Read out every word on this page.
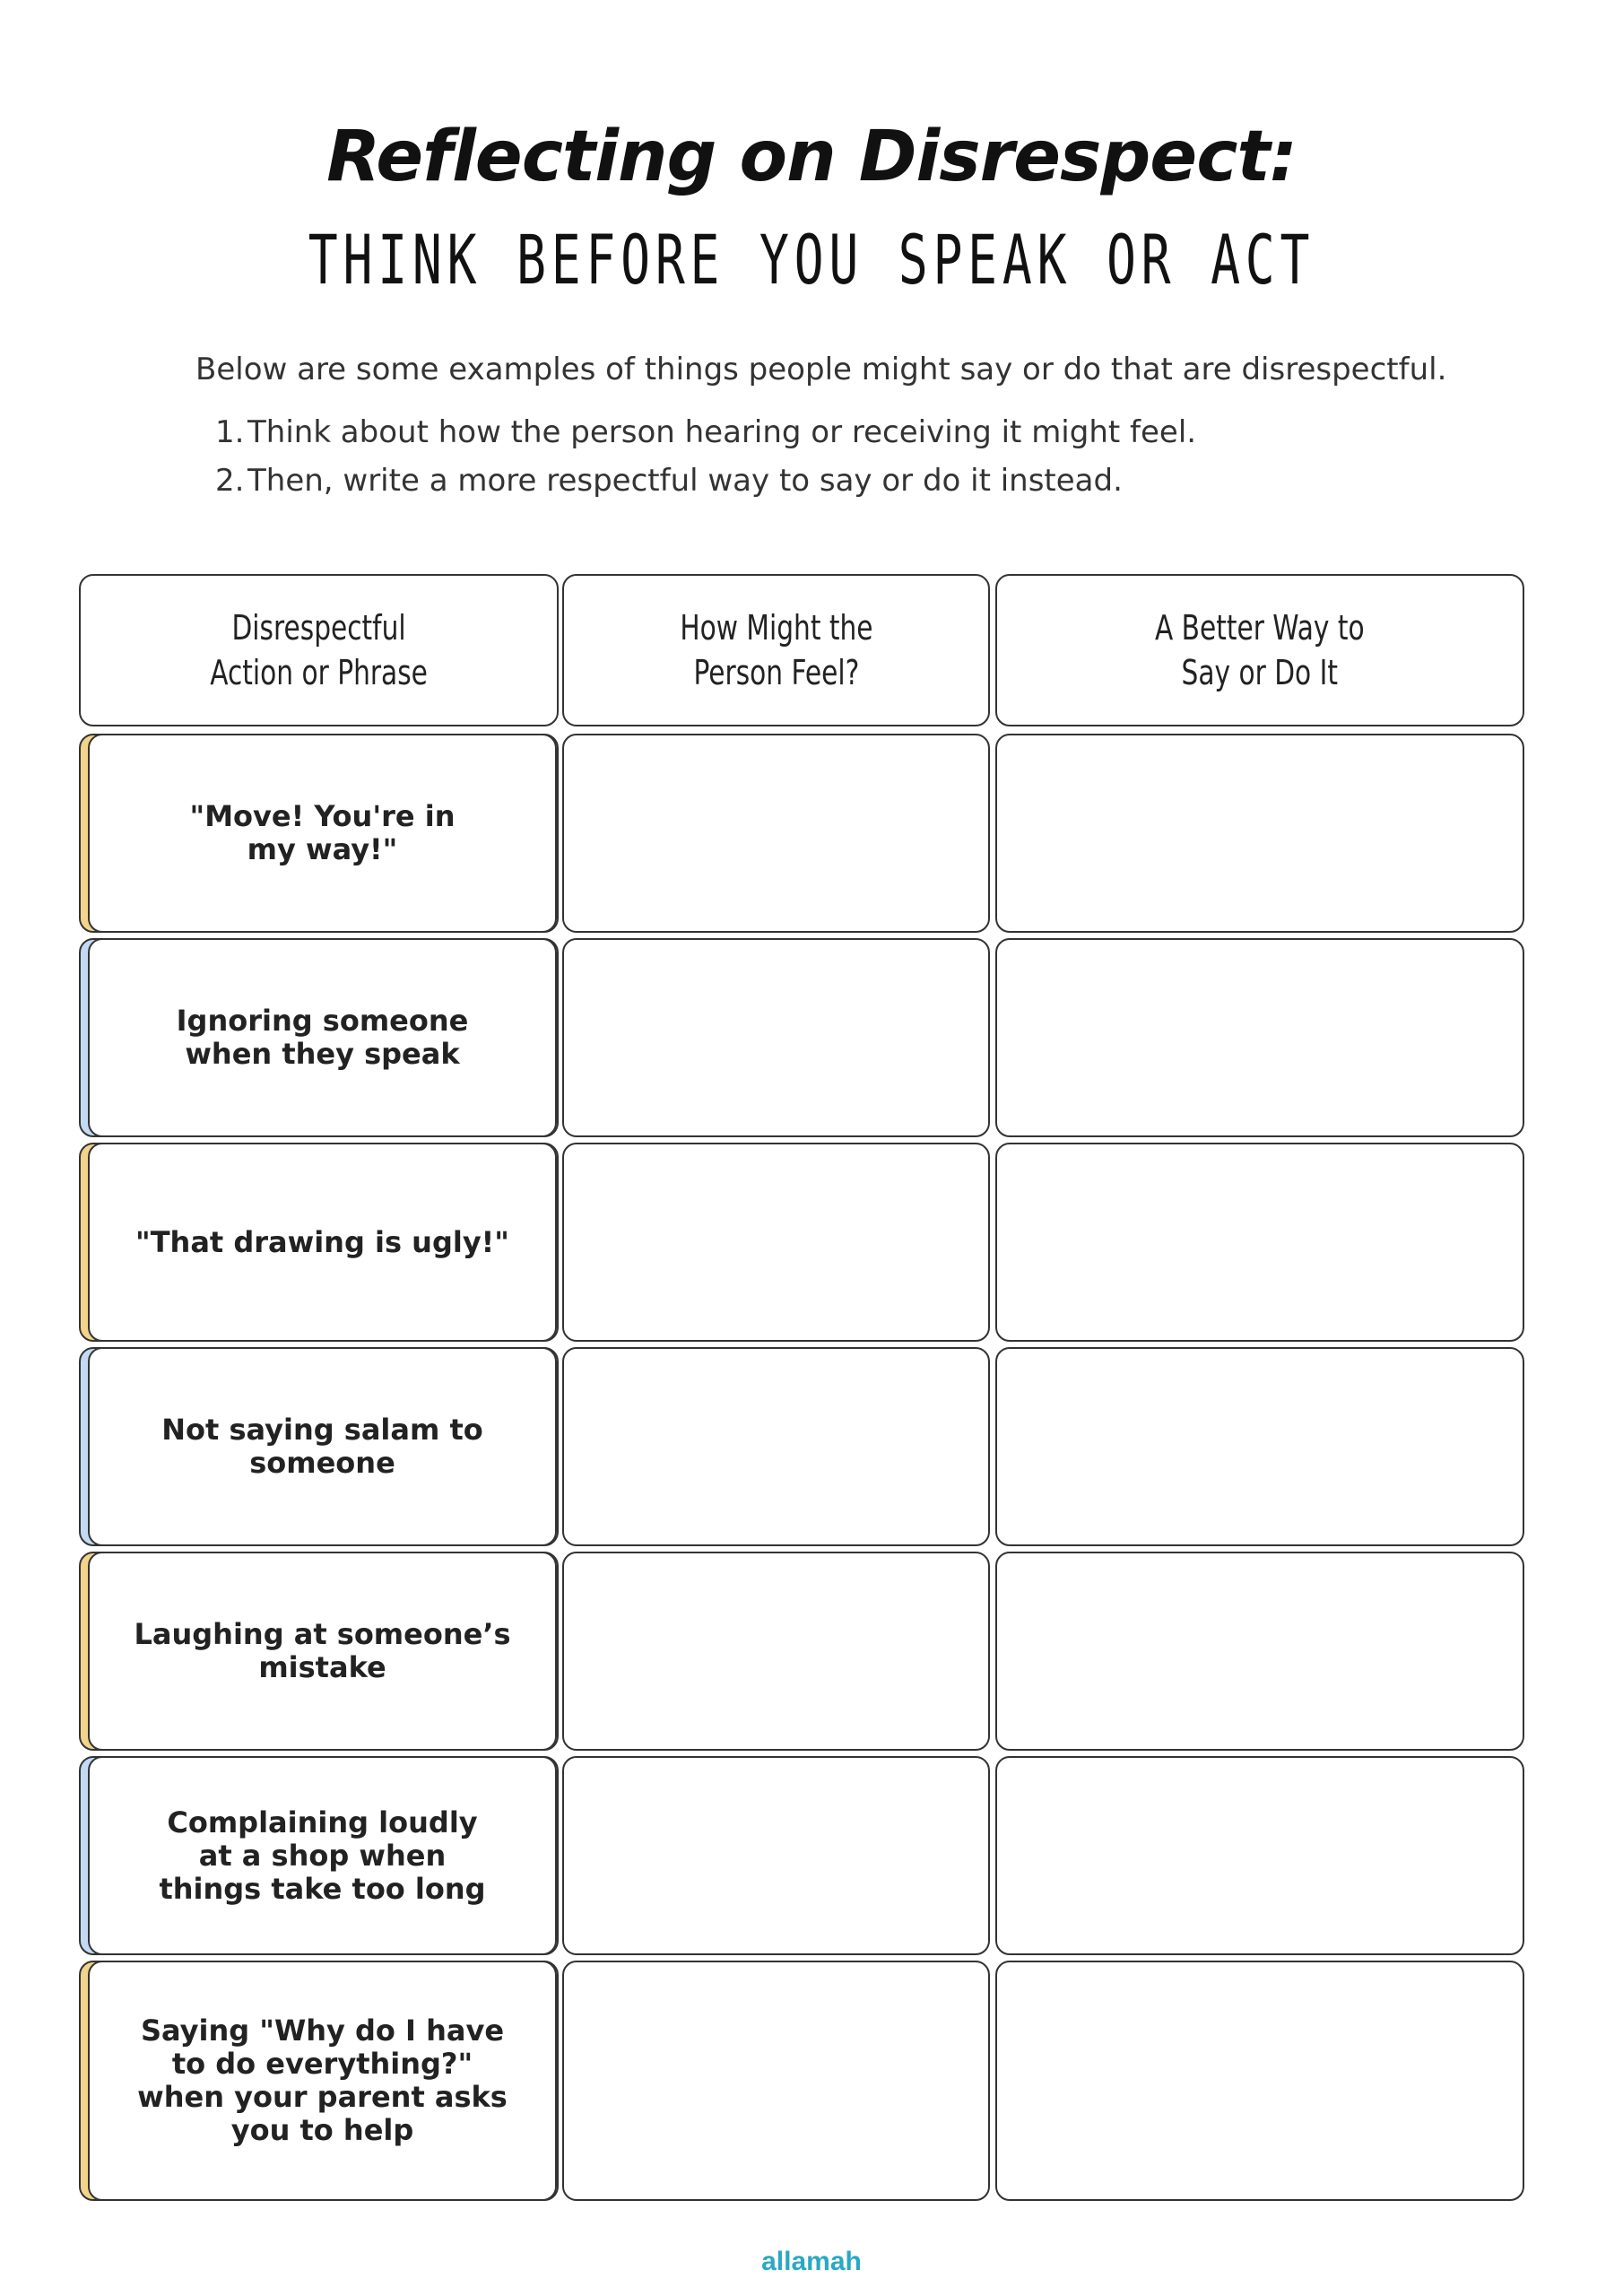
Reflecting on Disrespect:
THINK BEFORE YOU SPEAK OR ACT
Below are some examples of things people might say or do that are disrespectful.
1. Think about how the person hearing or receiving it might feel.
2. Then, write a more respectful way to say or do it instead.
Disrespectful
Action or Phrase
How Might the
Person Feel?
A Better Way to
Say or Do It
"Move! You're in
my way!"
Ignoring someone
when they speak
"That drawing is ugly!"
Not saying salam to
someone
Laughing at someone’s
mistake
Complaining loudly
at a shop when
things take too long
Saying "Why do I have
to do everything?"
when your parent asks
you to help
allamah
